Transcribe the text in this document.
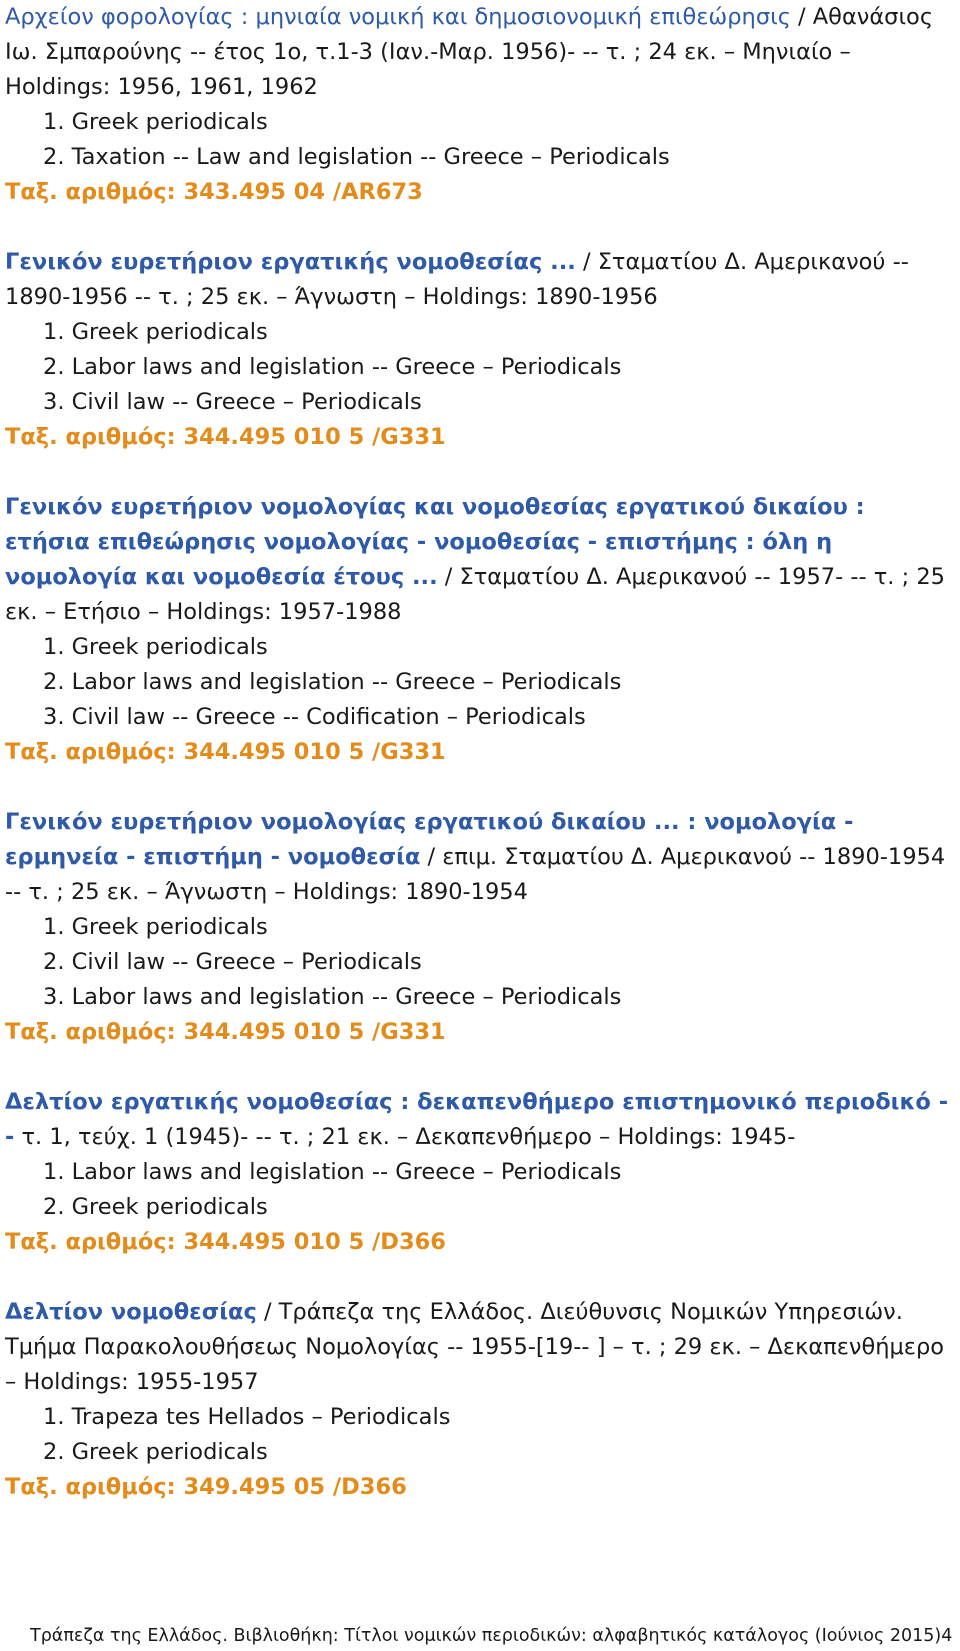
Αρχείον φορολογίας : μηνιαία νομική και δημοσιονομική επιθεώρησις / Αθανάσιος Ιω. Σμπαρούνης -- έτος 1ο, τ.1-3 (Ιαν.-Μαρ. 1956)- -- τ. ; 24 εκ. – Μηνιαίο – Holdings: 1956, 1961, 1962
1. Greek periodicals
2. Taxation -- Law and legislation -- Greece – Periodicals
Ταξ. αριθμός: 343.495 04 /AR673
Γενικόν ευρετήριον εργατικής νομοθεσίας ... / Σταματίου Δ. Αμερικανού -- 1890-1956 -- τ. ; 25 εκ. – Άγνωστη – Holdings: 1890-1956
1. Greek periodicals
2. Labor laws and legislation -- Greece – Periodicals
3. Civil law -- Greece – Periodicals
Ταξ. αριθμός: 344.495 010 5 /G331
Γενικόν ευρετήριον νομολογίας και νομοθεσίας εργατικού δικαίου : ετήσια επιθεώρησις νομολογίας - νομοθεσίας - επιστήμης : όλη η νομολογία και νομοθεσία έτους ... / Σταματίου Δ. Αμερικανού -- 1957- -- τ. ; 25 εκ. – Ετήσιο – Holdings: 1957-1988
1. Greek periodicals
2. Labor laws and legislation -- Greece – Periodicals
3. Civil law -- Greece -- Codification – Periodicals
Ταξ. αριθμός: 344.495 010 5 /G331
Γενικόν ευρετήριον νομολογίας εργατικού δικαίου ... : νομολογία - ερμηνεία - επιστήμη - νομοθεσία / επιμ. Σταματίου Δ. Αμερικανού -- 1890-1954 -- τ. ; 25 εκ. – Άγνωστη – Holdings: 1890-1954
1. Greek periodicals
2. Civil law -- Greece – Periodicals
3. Labor laws and legislation -- Greece – Periodicals
Ταξ. αριθμός: 344.495 010 5 /G331
Δελτίον εργατικής νομοθεσίας : δεκαπενθήμερο επιστημονικό περιοδικό -- τ. 1, τεύχ. 1 (1945)- -- τ. ; 21 εκ. – Δεκαπενθήμερο – Holdings: 1945-
1. Labor laws and legislation -- Greece – Periodicals
2. Greek periodicals
Ταξ. αριθμός: 344.495 010 5 /D366
Δελτίον νομοθεσίας / Τράπεζα της Ελλάδος. Διεύθυνσις Νομικών Υπηρεσιών. Τμήμα Παρακολουθήσεως Νομολογίας -- 1955-[19-- ] – τ. ; 29 εκ. – Δεκαπενθήμερο – Holdings: 1955-1957
1. Trapeza tes Hellados – Periodicals
2. Greek periodicals
Ταξ. αριθμός: 349.495 05 /D366
Τράπεζα της Ελλάδος. Βιβλιοθήκη: Τίτλοι νομικών περιοδικών: αλφαβητικός κατάλογος (Ιούνιος 2015) 4
